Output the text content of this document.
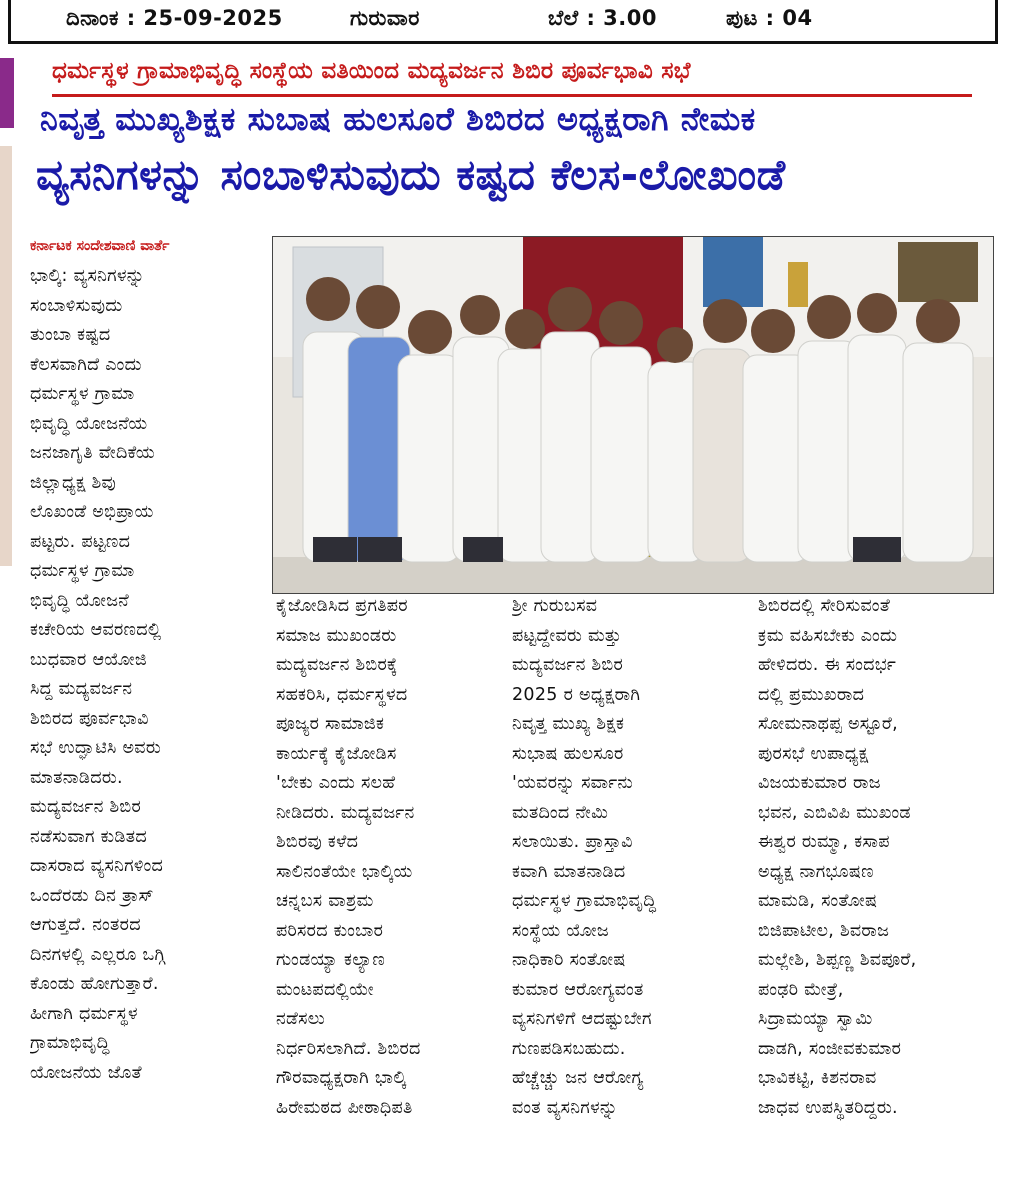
ದಿನಾಂಕ : 25-09-2025	ಗುರುವಾರ	ಬೆಲೆ : 3.00	ಪುಟ : 04
ಧರ್ಮಸ್ಥಳ ಗ್ರಾಮಾಭಿವೃದ್ಧಿ ಸಂಸ್ಥೆಯ ವತಿಯಿಂದ ಮದ್ಯವರ್ಜನ ಶಿಬಿರ ಪೂರ್ವಭಾವಿ ಸಭೆ
ನಿವೃತ್ತ ಮುಖ್ಯಶಿಕ್ಷಕ ಸುಬಾಷ ಹುಲಸೂರೆ ಶಿಬಿರದ ಅಧ್ಯಕ್ಷರಾಗಿ ನೇಮಕ
ವ್ಯಸನಿಗಳನ್ನು ಸಂಬಾಳಿಸುವುದು ಕಷ್ಟದ ಕೆಲಸ-ಲೋಖಂಡೆ
ಕರ್ನಾಟಕ ಸಂದೇಶವಾಣಿ ವಾರ್ತೆ

ಭಾಲ್ಕಿ: ವ್ಯಸನಿಗಳನ್ನು

ಸಂಬಾಳಿಸುವುದು

ತುಂಬಾ ಕಷ್ಟದ

ಕೆಲಸವಾಗಿದೆ ಎಂದು

ಧರ್ಮಸ್ಥಳ ಗ್ರಾಮಾ

ಭಿವೃದ್ಧಿ ಯೋಜನೆಯ

ಜನಜಾಗೃತಿ ವೇದಿಕೆಯ

ಜಿಲ್ಲಾಧ್ಯಕ್ಷ ಶಿವು

ಲೊಖಂಡೆ ಅಭಿಪ್ರಾಯ

ಪಟ್ಟರು. ಪಟ್ಟಣದ

ಧರ್ಮಸ್ಥಳ ಗ್ರಾಮಾ

ಭಿವೃದ್ಧಿ ಯೋಜನೆ

ಕಚೇರಿಯ ಆವರಣದಲ್ಲಿ

ಬುಧವಾರ ಆಯೋಜಿ

ಸಿದ್ದ ಮದ್ಯವರ್ಜನ

ಶಿಬಿರದ ಪೂರ್ವಭಾವಿ

ಸಭೆ ಉದ್ಘಾಟಿಸಿ ಅವರು

ಮಾತನಾಡಿದರು.

ಮದ್ಯವರ್ಜನ ಶಿಬಿರ

ನಡೆಸುವಾಗ ಕುಡಿತದ

ದಾಸರಾದ ವ್ಯಸನಿಗಳಿಂದ

ಒಂದೆರಡು ದಿನ ತ್ರಾಸ್

ಆಗುತ್ತದೆ. ನಂತರದ

ದಿನಗಳಲ್ಲಿ ಎಲ್ಲರೂ ಒಗ್ಗಿ

ಕೊಂಡು ಹೋಗುತ್ತಾರೆ.

ಹೀಗಾಗಿ ಧರ್ಮಸ್ಥಳ

ಗ್ರಾಮಾಭಿವೃದ್ಧಿ

ಯೋಜನೆಯ ಜೊತೆ

ಕೈಜೋಡಿಸಿದ ಪ್ರಗತಿಪರ

ಸಮಾಜ ಮುಖಂಡರು

ಮದ್ಯವರ್ಜನ ಶಿಬಿರಕ್ಕೆ

ಸಹಕರಿಸಿ, ಧರ್ಮಸ್ಥಳದ

ಪೂಜ್ಯರ ಸಾಮಾಜಿಕ

ಕಾರ್ಯಕ್ಕೆ ಕೈಜೋಡಿಸ

'ಬೇಕು ಎಂದು ಸಲಹೆ

ನೀಡಿದರು. ಮದ್ಯವರ್ಜನ

ಶಿಬಿರವು ಕಳೆದ

ಸಾಲಿನಂತೆಯೇ ಭಾಲ್ಕಿಯ

ಚನ್ನಬಸ ವಾಶ್ರಮ

ಪರಿಸರದ ಕುಂಬಾರ

ಗುಂಡಯ್ಯಾ ಕಲ್ಯಾಣ

ಮಂಟಪದಲ್ಲಿಯೇ

ನಡೆಸಲು

ನಿರ್ಧರಿಸಲಾಗಿದೆ. ಶಿಬಿರದ

ಗೌರವಾಧ್ಯಕ್ಷರಾಗಿ ಭಾಲ್ಕಿ

ಹಿರೇಮಠದ ಪೀಠಾಧಿಪತಿ

ಶ್ರೀ ಗುರುಬಸವ

ಪಟ್ಟದ್ದೇವರು ಮತ್ತು

ಮದ್ಯವರ್ಜನ ಶಿಬಿರ

2025 ರ ಅಧ್ಯಕ್ಷರಾಗಿ

ನಿವೃತ್ತ ಮುಖ್ಯ ಶಿಕ್ಷಕ

ಸುಭಾಷ ಹುಲಸೂರ

'ಯವರನ್ನು ಸರ್ವಾನು

ಮತದಿಂದ ನೇಮಿ

ಸಲಾಯಿತು. ಪ್ರಾಸ್ತಾವಿ

ಕವಾಗಿ ಮಾತನಾಡಿದ

ಧರ್ಮಸ್ಥಳ ಗ್ರಾಮಾಭಿವೃದ್ಧಿ

ಸಂಸ್ಥೆಯ ಯೋಜ

ನಾಧಿಕಾರಿ ಸಂತೋಷ

ಕುಮಾರ ಆರೋಗ್ಯವಂತ

ವ್ಯಸನಿಗಳಿಗೆ ಆದಷ್ಟುಬೇಗ

ಗುಣಪಡಿಸಬಹುದು.

ಹೆಚ್ಚೆಚ್ಚು ಜನ ಆರೋಗ್ಯ

ವಂತ ವ್ಯಸನಿಗಳನ್ನು

ಶಿಬಿರದಲ್ಲಿ ಸೇರಿಸುವಂತೆ

ಕ್ರಮ ವಹಿಸಬೇಕು ಎಂದು

ಹೇಳಿದರು. ಈ ಸಂದರ್ಭ

ದಲ್ಲಿ ಪ್ರಮುಖರಾದ

ಸೋಮನಾಥಪ್ಪ ಅಸ್ಟೂರೆ,

ಪುರಸಭೆ ಉಪಾಧ್ಯಕ್ಷ

ವಿಜಯಕುಮಾರ ರಾಜ

ಭವನ, ಎಬಿವಿಪಿ ಮುಖಂಡ

ಈಶ್ವರ ರುಮ್ಮಾ, ಕಸಾಪ

ಅಧ್ಯಕ್ಷ ನಾಗಭೂಷಣ

ಮಾಮಡಿ, ಸಂತೋಷ

ಬಿಜಿಪಾಟೀಲ, ಶಿವರಾಜ

ಮಲ್ಲೇಶಿ, ಶಿಪ್ಪಣ್ಣ ಶಿವಪೂರೆ,

ಪಂಢರಿ ಮೇತ್ರೆ,

ಸಿದ್ರಾಮಯ್ಯಾ ಸ್ವಾಮಿ

ದಾಡಗಿ, ಸಂಜೀವಕುಮಾರ

ಭಾವಿಕಟ್ಟಿ, ಕಿಶನರಾವ

ಜಾಧವ ಉಪಸ್ಥಿತರಿದ್ದರು.
